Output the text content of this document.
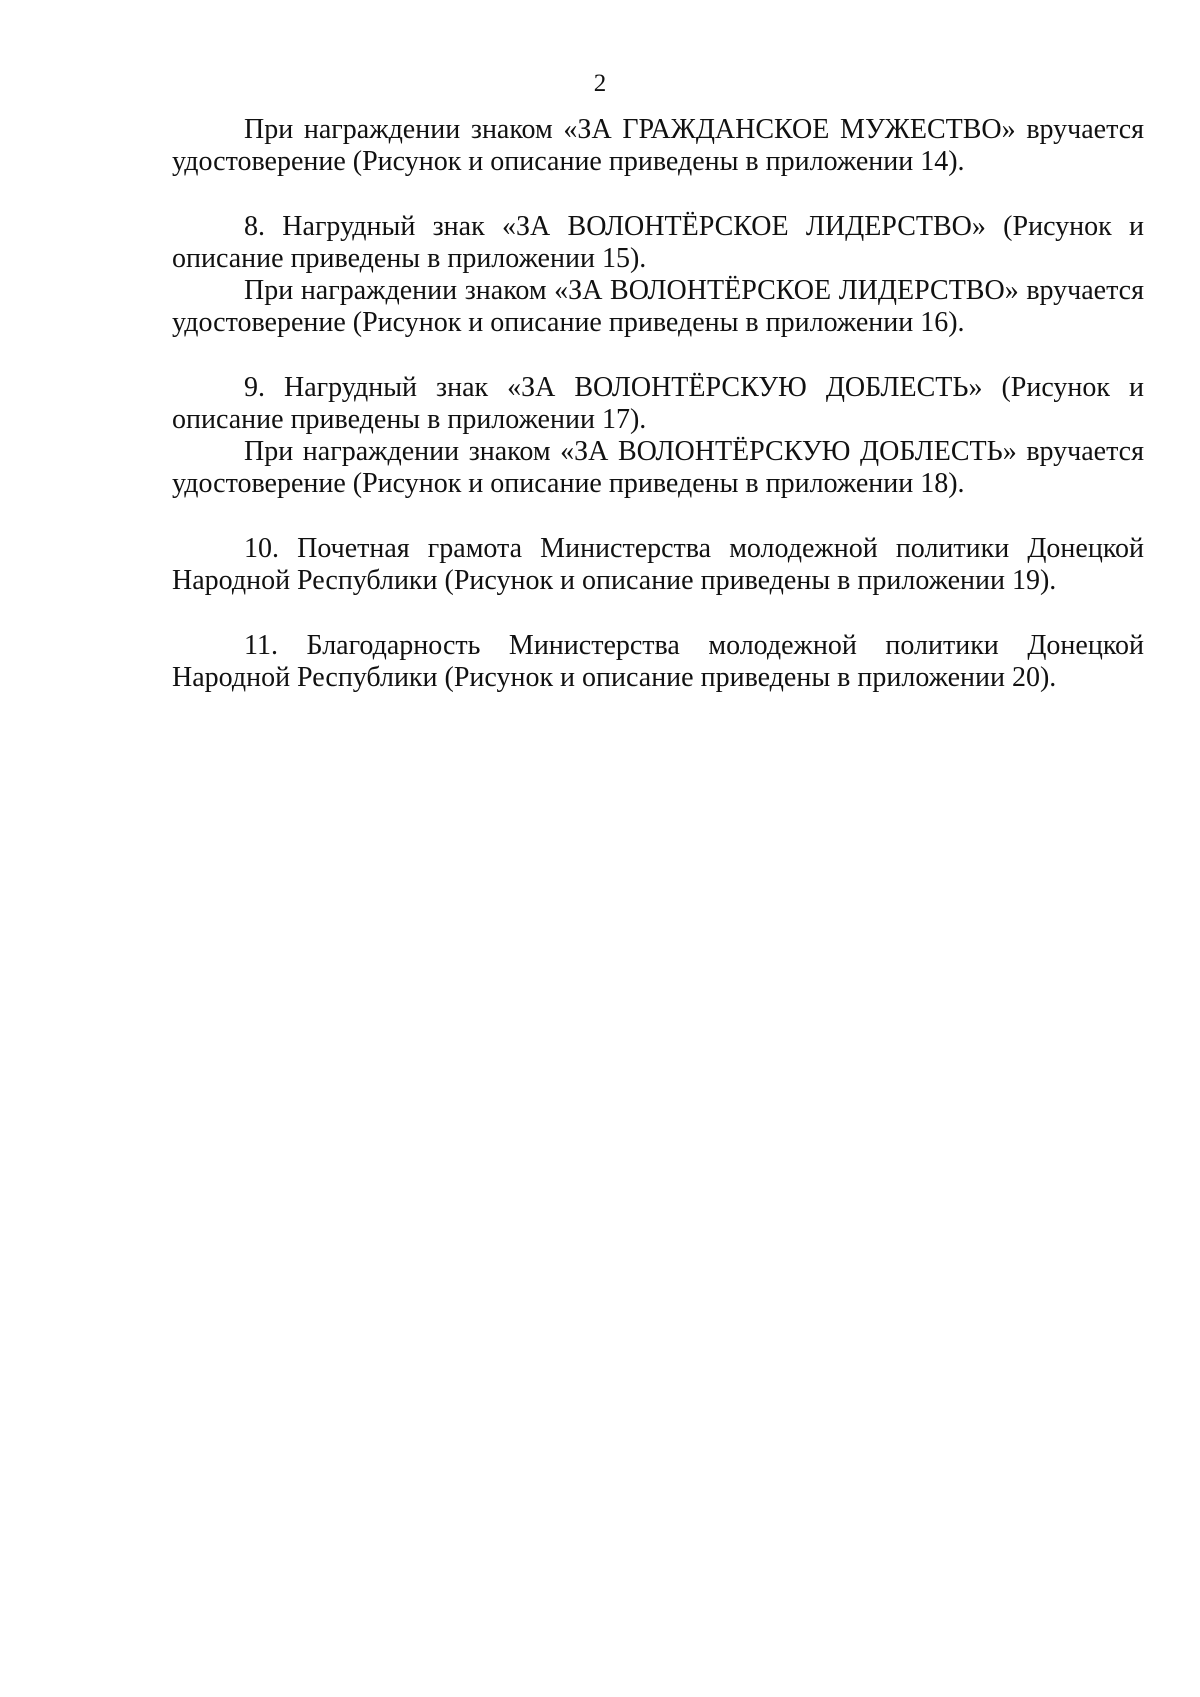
2

При награждении знаком «ЗА ГРАЖДАНСКОЕ МУЖЕСТВО» вручается удостоверение (Рисунок и описание приведены в приложении 14).

8. Нагрудный знак «ЗА ВОЛОНТЁРСКОЕ ЛИДЕРСТВО» (Рисунок и описание приведены в приложении 15).

При награждении знаком «ЗА ВОЛОНТЁРСКОЕ ЛИДЕРСТВО» вручается удостоверение (Рисунок и описание приведены в приложении 16).

9. Нагрудный знак «ЗА ВОЛОНТЁРСКУЮ ДОБЛЕСТЬ» (Рисунок и описание приведены в приложении 17).

При награждении знаком «ЗА ВОЛОНТЁРСКУЮ ДОБЛЕСТЬ» вручается удостоверение (Рисунок и описание приведены в приложении 18).

10. Почетная грамота Министерства молодежной политики Донецкой Народной Республики (Рисунок и описание приведены в приложении 19).

11. Благодарность Министерства молодежной политики Донецкой Народной Республики (Рисунок и описание приведены в приложении 20).
